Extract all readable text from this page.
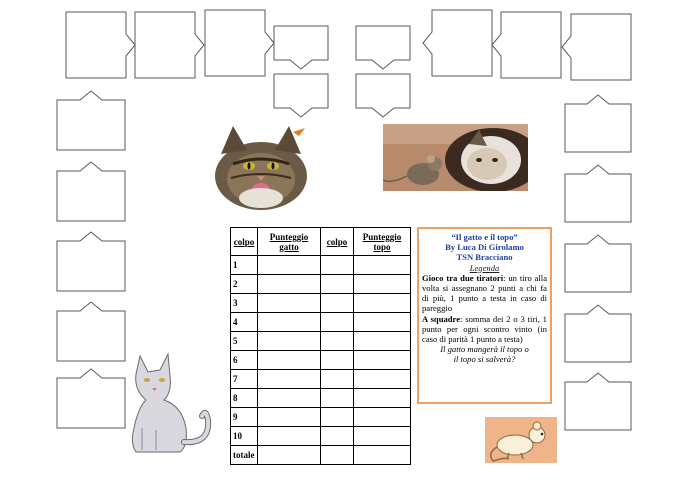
colpo	Punteggio gatto	colpo	Punteggio topo
1			
2			
3			
4			
5			
6			
7			
8			
9			
10			
totale			
“Il gatto e il topo”
By Luca Di Girolamo
TSN Bracciano
Legenda

Gioco tra due tiratori: un tiro alla volta si assegnano 2 punti a chi fa di più, 1 punto a testa in caso di pareggio

A squadre: somma dei 2 o 3 tiri, 1 punto per ogni scontro vinto (in caso di parità 1 punto a testa)

Il gatto mangerà il topo o
il topo si salverà?
